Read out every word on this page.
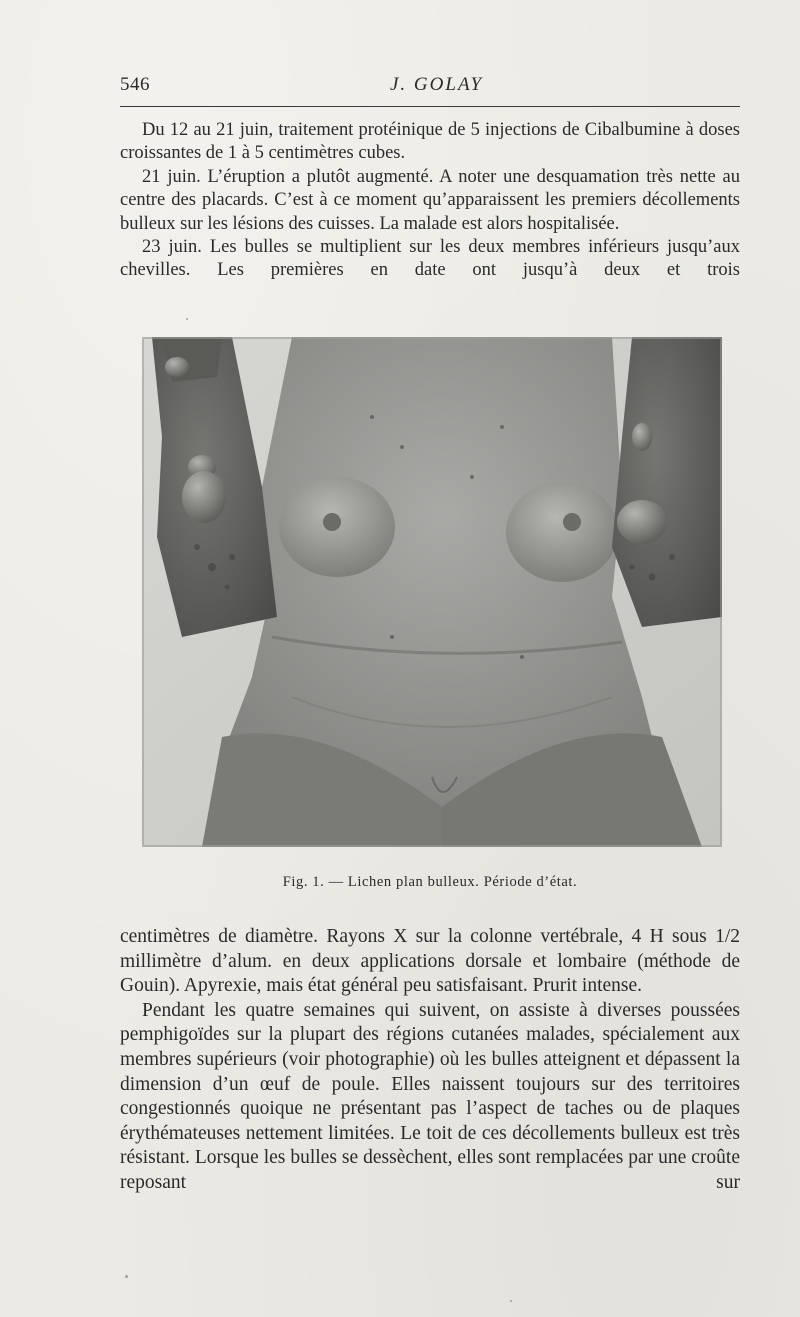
546	J. GOLAY

Du 12 au 21 juin, traitement protéinique de 5 injections de Cibalbumine à doses croissantes de 1 à 5 centimètres cubes.

21 juin. L’éruption a plutôt augmenté. A noter une desquamation très nette au centre des placards. C’est à ce moment qu’apparaissent les premiers décollements bulleux sur les lésions des cuisses. La malade est alors hospitalisée.

23 juin. Les bulles se multiplient sur les deux membres inférieurs jusqu’aux chevilles. Les premières en date ont jusqu’à deux et trois

Fig. 1. — Lichen plan bulleux. Période d’état.

centimètres de diamètre. Rayons X sur la colonne vertébrale, 4 H sous 1/2 millimètre d’alum. en deux applications dorsale et lombaire (méthode de Gouin). Apyrexie, mais état général peu satisfaisant. Prurit intense.

Pendant les quatre semaines qui suivent, on assiste à diverses poussées pemphigoïdes sur la plupart des régions cutanées malades, spécialement aux membres supérieurs (voir photographie) où les bulles atteignent et dépassent la dimension d’un œuf de poule. Elles naissent toujours sur des territoires congestionnés quoique ne présentant pas l’aspect de taches ou de plaques érythémateuses nettement limitées. Le toit de ces décollements bulleux est très résistant. Lorsque les bulles se dessèchent, elles sont remplacées par une croûte reposant sur
